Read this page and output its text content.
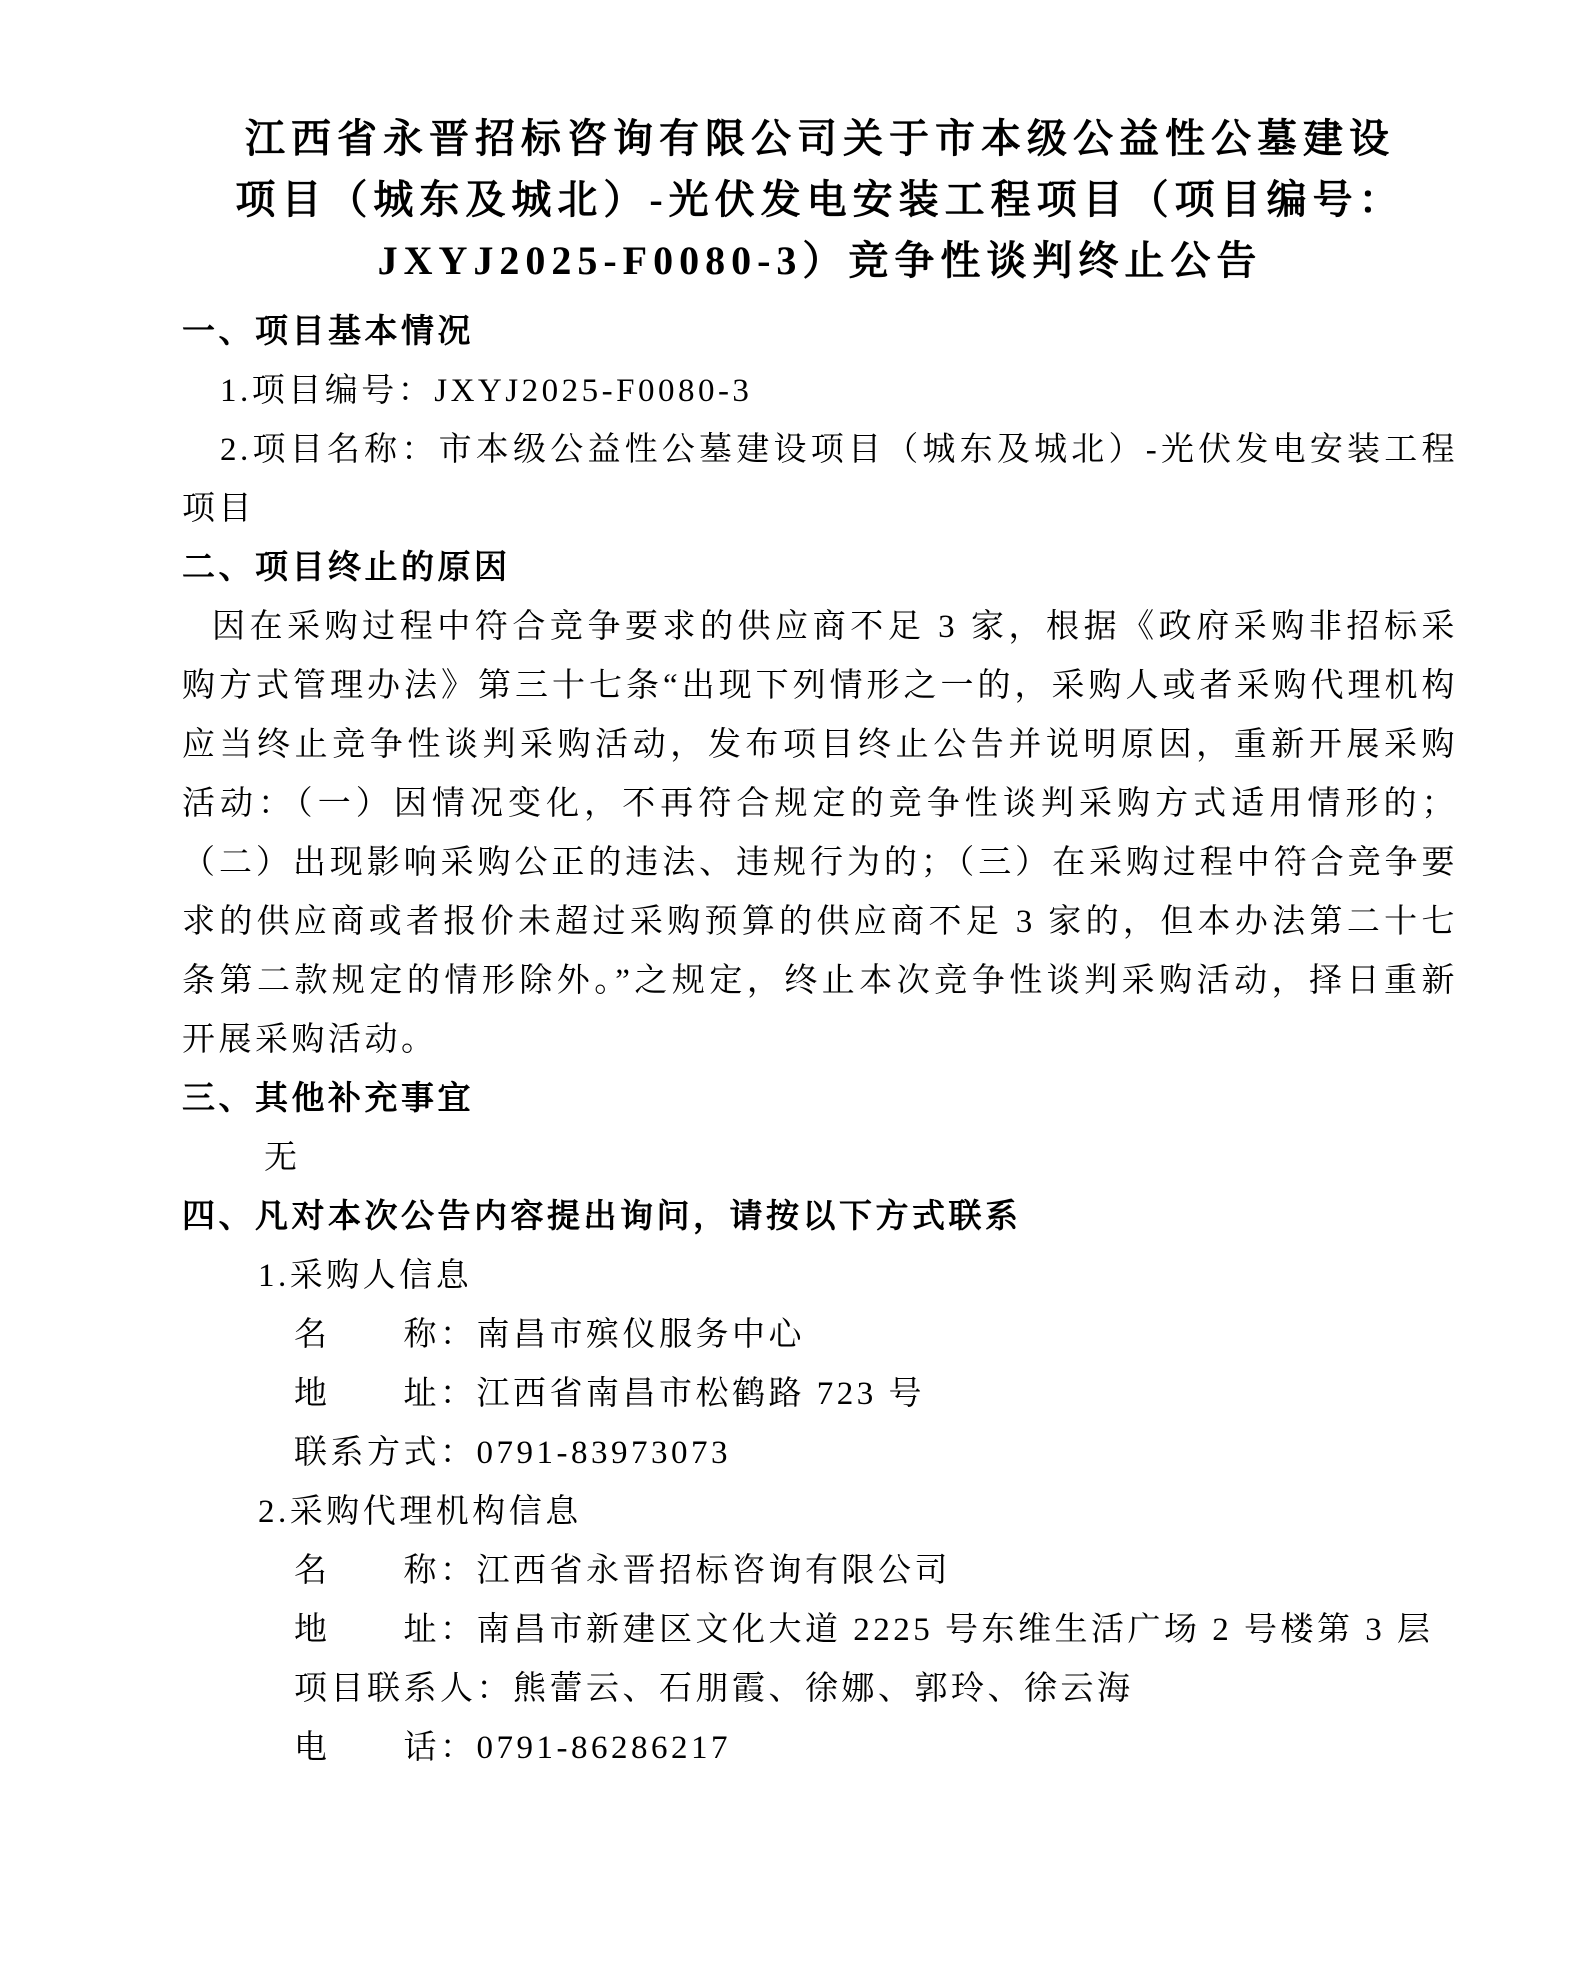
江西省永晋招标咨询有限公司关于市本级公益性公墓建设
项目（城东及城北）-光伏发电安装工程项目（项目编号：
JXYJ2025-F0080-3）竞争性谈判终止公告
一、项目基本情况
1.项目编号：JXYJ2025-F0080-3
2.项目名称：市本级公益性公墓建设项目（城东及城北）-光伏发电安装工程项目
二、项目终止的原因
因在采购过程中符合竞争要求的供应商不足 3 家，根据《政府采购非招标采购方式管理办法》第三十七条“出现下列情形之一的，采购人或者采购代理机构应当终止竞争性谈判采购活动，发布项目终止公告并说明原因，重新开展采购活动：（一）因情况变化，不再符合规定的竞争性谈判采购方式适用情形的；（二）出现影响采购公正的违法、违规行为的；（三）在采购过程中符合竞争要求的供应商或者报价未超过采购预算的供应商不足 3 家的，但本办法第二十七条第二款规定的情形除外。”之规定，终止本次竞争性谈判采购活动，择日重新开展采购活动。
三、其他补充事宜
无
四、凡对本次公告内容提出询问，请按以下方式联系
1.采购人信息
名　　称：南昌市殡仪服务中心
地　　址：江西省南昌市松鹤路 723 号
联系方式：0791-83973073
2.采购代理机构信息
名　　称：江西省永晋招标咨询有限公司
地　　址：南昌市新建区文化大道 2225 号东维生活广场 2 号楼第 3 层
项目联系人：熊蕾云、石朋霞、徐娜、郭玲、徐云海
电　　话：0791-86286217
